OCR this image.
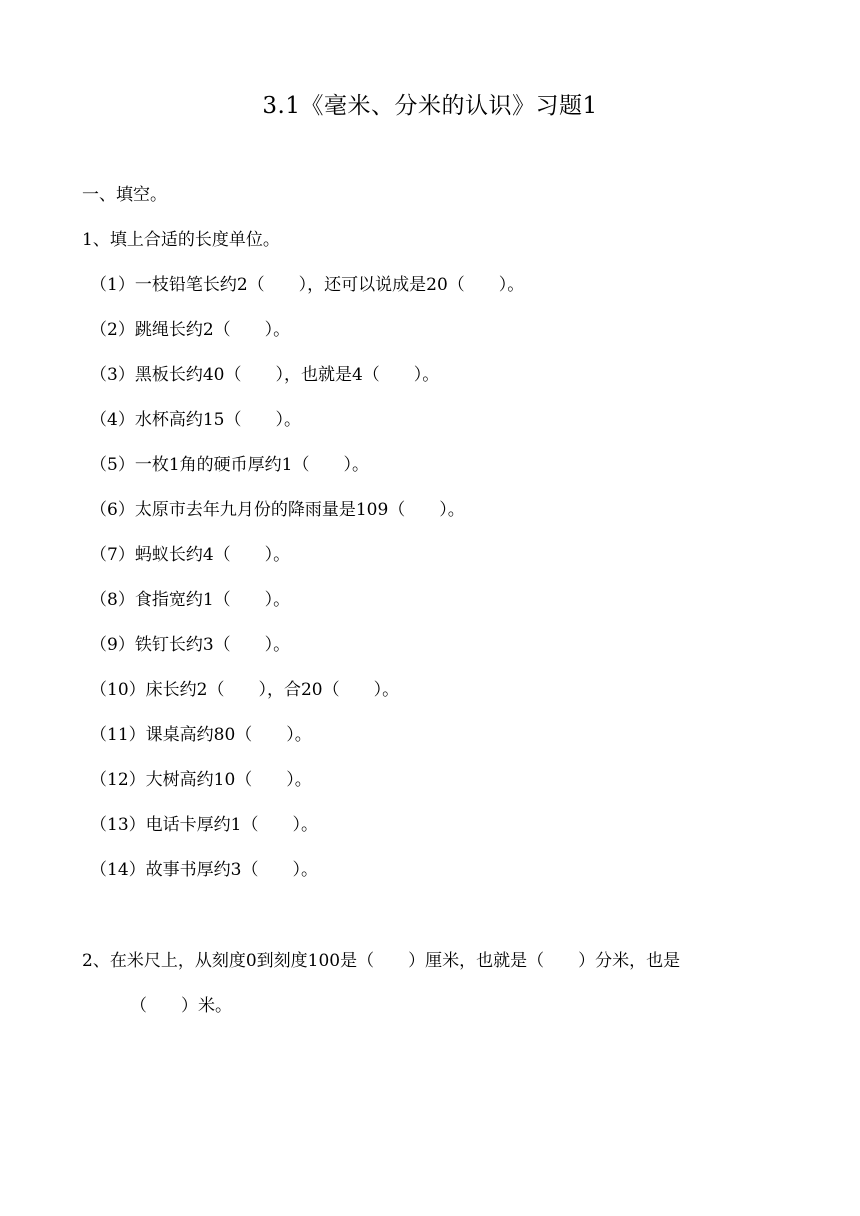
3.1《毫米、分米的认识》习题1
一、填空。
1、填上合适的长度单位。
（1）一枝铅笔长约2（　　），还可以说成是20（　　）。
（2）跳绳长约2（　　）。
（3）黑板长约40（　　），也就是4（　　）。
（4）水杯高约15（　　）。
（5）一枚1角的硬币厚约1（　　）。
（6）太原市去年九月份的降雨量是109（　　）。
（7）蚂蚁长约4（　　）。
（8）食指宽约1（　　）。
（9）铁钉长约3（　　）。
（10）床长约2（　　），合20（　　）。
（11）课桌高约80（　　）。
（12）大树高约10（　　）。
（13）电话卡厚约1（　　）。
（14）故事书厚约3（　　）。
2、在米尺上，从刻度0到刻度100是（　　）厘米，也就是（　　）分米，也是
（　　）米。
